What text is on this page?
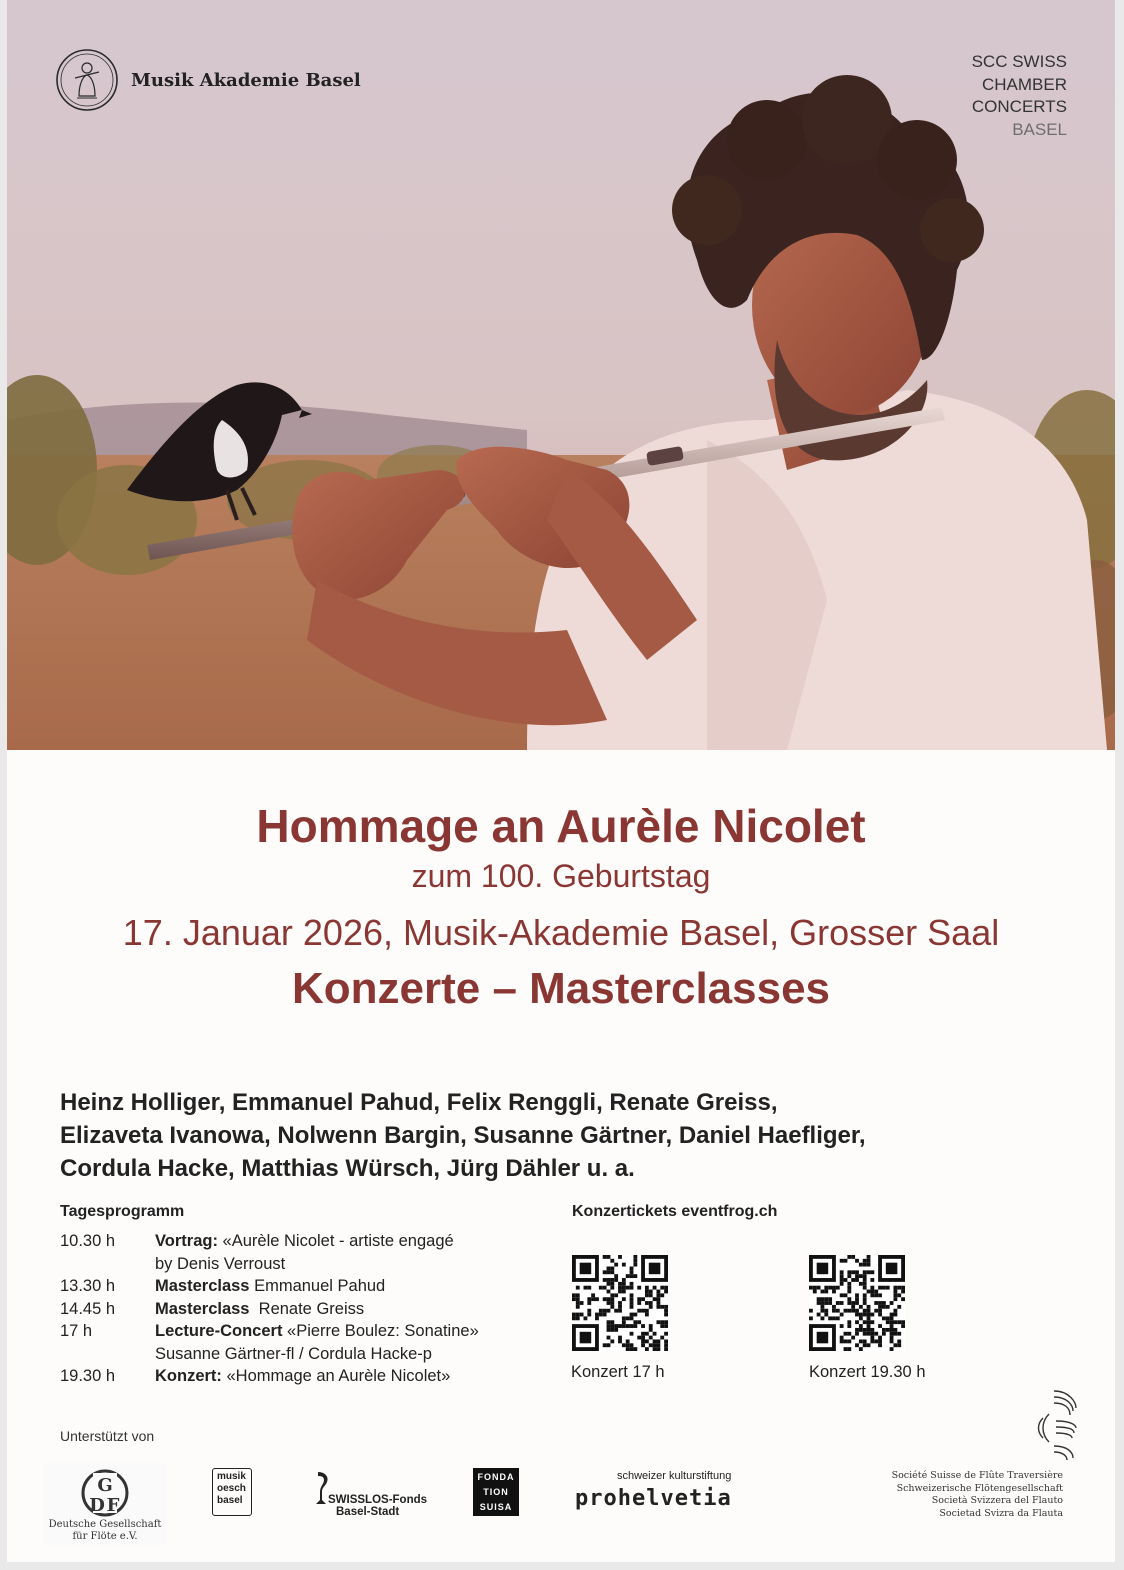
Musik Akademie Basel
SCC SWISS
CHAMBER
CONCERTS
BASEL
Hommage an Aurèle Nicolet
zum 100. Geburtstag
17. Januar 2026, Musik-Akademie Basel, Grosser Saal
Konzerte – Masterclasses
Heinz Holliger, Emmanuel Pahud, Felix Renggli, Renate Greiss,
Elizaveta Ivanowa, Nolwenn Bargin, Susanne Gärtner, Daniel Haefliger,
Cordula Hacke, Matthias Würsch, Jürg Dähler u. a.
Tagesprogramm
10.30 h	Vortrag: «Aurèle Nicolet - artiste engagé
by Denis Verroust
13.30 h	Masterclass Emmanuel Pahud
14.45 h	Masterclass  Renate Greiss
17 h	Lecture-Concert «Pierre Boulez: Sonatine»
Susanne Gärtner-fl / Cordula Hacke-p
19.30 h	Konzert: «Hommage an Aurèle Nicolet»
Konzertickets eventfrog.ch
Konzert 17 h	Konzert 19.30 h
Unterstützt von
G
D F
Deutsche Gesellschaft
für Flöte e.V.
musik
oesch
basel	SWISSLOS-Fonds
Basel-Stadt
FONDA
TION
SUISA
schweizer kulturstiftung
prohelvetia
Société Suisse de Flûte Traversière
Schweizerische Flötengesellschaft
Società Svizzera del Flauto
Societad Svizra da Flauta
